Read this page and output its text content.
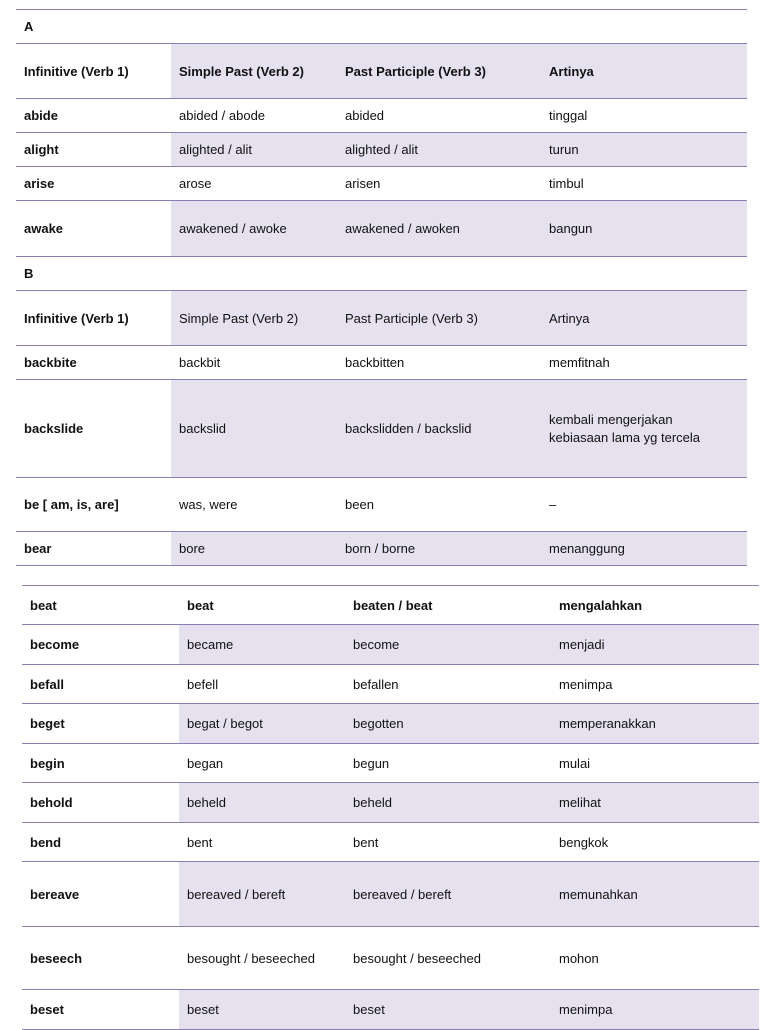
A			
Infinitive (Verb 1)	Simple Past (Verb 2)	Past Participle (Verb 3)	Artinya
abide	abided / abode	abided	tinggal
alight	alighted / alit	alighted / alit	turun
arise	arose	arisen	timbul
awake	awakened / awoke	awakened / awoken	bangun
B			
Infinitive (Verb 1)	Simple Past (Verb 2)	Past Participle (Verb 3)	Artinya
backbite	backbit	backbitten	memfitnah
backslide	backslid	backslidden / backslid	kembali mengerjakan kebiasaan lama yg tercela
be [ am, is, are]	was, were	been	–
bear	bore	born / borne	menanggung
beat	beat	beaten / beat	mengalahkan
become	became	become	menjadi
befall	befell	befallen	menimpa
beget	begat / begot	begotten	memperanakkan
begin	began	begun	mulai
behold	beheld	beheld	melihat
bend	bent	bent	bengkok
bereave	bereaved / bereft	bereaved / bereft	memunahkan
beseech	besought / beseeched	besought / beseeched	mohon
beset	beset	beset	menimpa
